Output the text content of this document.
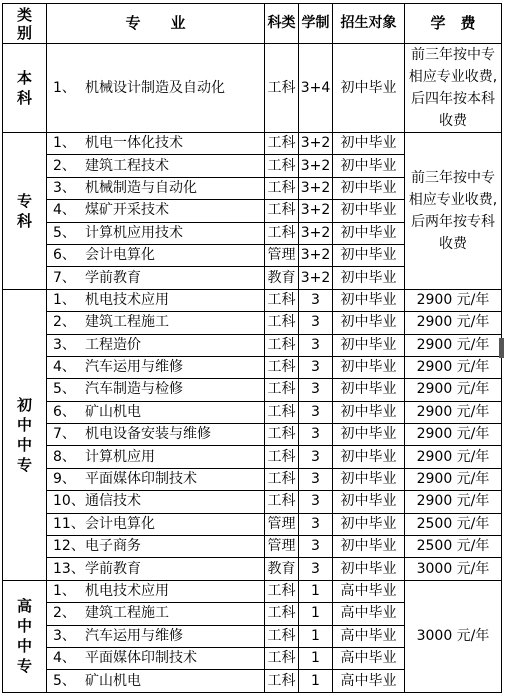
类别	专　　业	科类	学制	招生对象	学　费

本科	1、 机械设计制造及自动化	工科	3+4	初中毕业	前三年按中专相应专业收费,后四年按本科收费

专科	1、 机电一体化技术	工科	3+2	初中毕业	前三年按中专相应专业收费,后两年按专科收费
	2、 建筑工程技术	工科	3+2	初中毕业	
	3、 机械制造与自动化	工科	3+2	初中毕业	
	4、 煤矿开采技术	工科	3+2	初中毕业	
	5、 计算机应用技术	工科	3+2	初中毕业	
	6、 会计电算化	管理	3+2	初中毕业	
	7、 学前教育	教育	3+2	初中毕业	

初中中专	1、 机电技术应用	工科	3	初中毕业	2900 元/年
	2、 建筑工程施工	工科	3	初中毕业	2900 元/年
	3、 工程造价	工科	3	初中毕业	2900 元/年
	4、 汽车运用与维修	工科	3	初中毕业	2900 元/年
	5、 汽车制造与检修	工科	3	初中毕业	2900 元/年
	6、 矿山机电	工科	3	初中毕业	2900 元/年
	7、 机电设备安装与维修	工科	3	初中毕业	2900 元/年
	8、 计算机应用	工科	3	初中毕业	2900 元/年
	9、 平面媒体印制技术	工科	3	初中毕业	2900 元/年
	10、通信技术	工科	3	初中毕业	2900 元/年
	11、会计电算化	管理	3	初中毕业	2500 元/年
	12、电子商务	管理	3	初中毕业	2500 元/年
	13、学前教育	教育	3	初中毕业	3000 元/年

高中中专	1、 机电技术应用	工科	1	高中毕业	3000 元/年
	2、 建筑工程施工	工科	1	高中毕业	
	3、 汽车运用与维修	工科	1	高中毕业	
	4、 平面媒体印制技术	工科	1	高中毕业	
	5、 矿山机电	工科	1	高中毕业	
